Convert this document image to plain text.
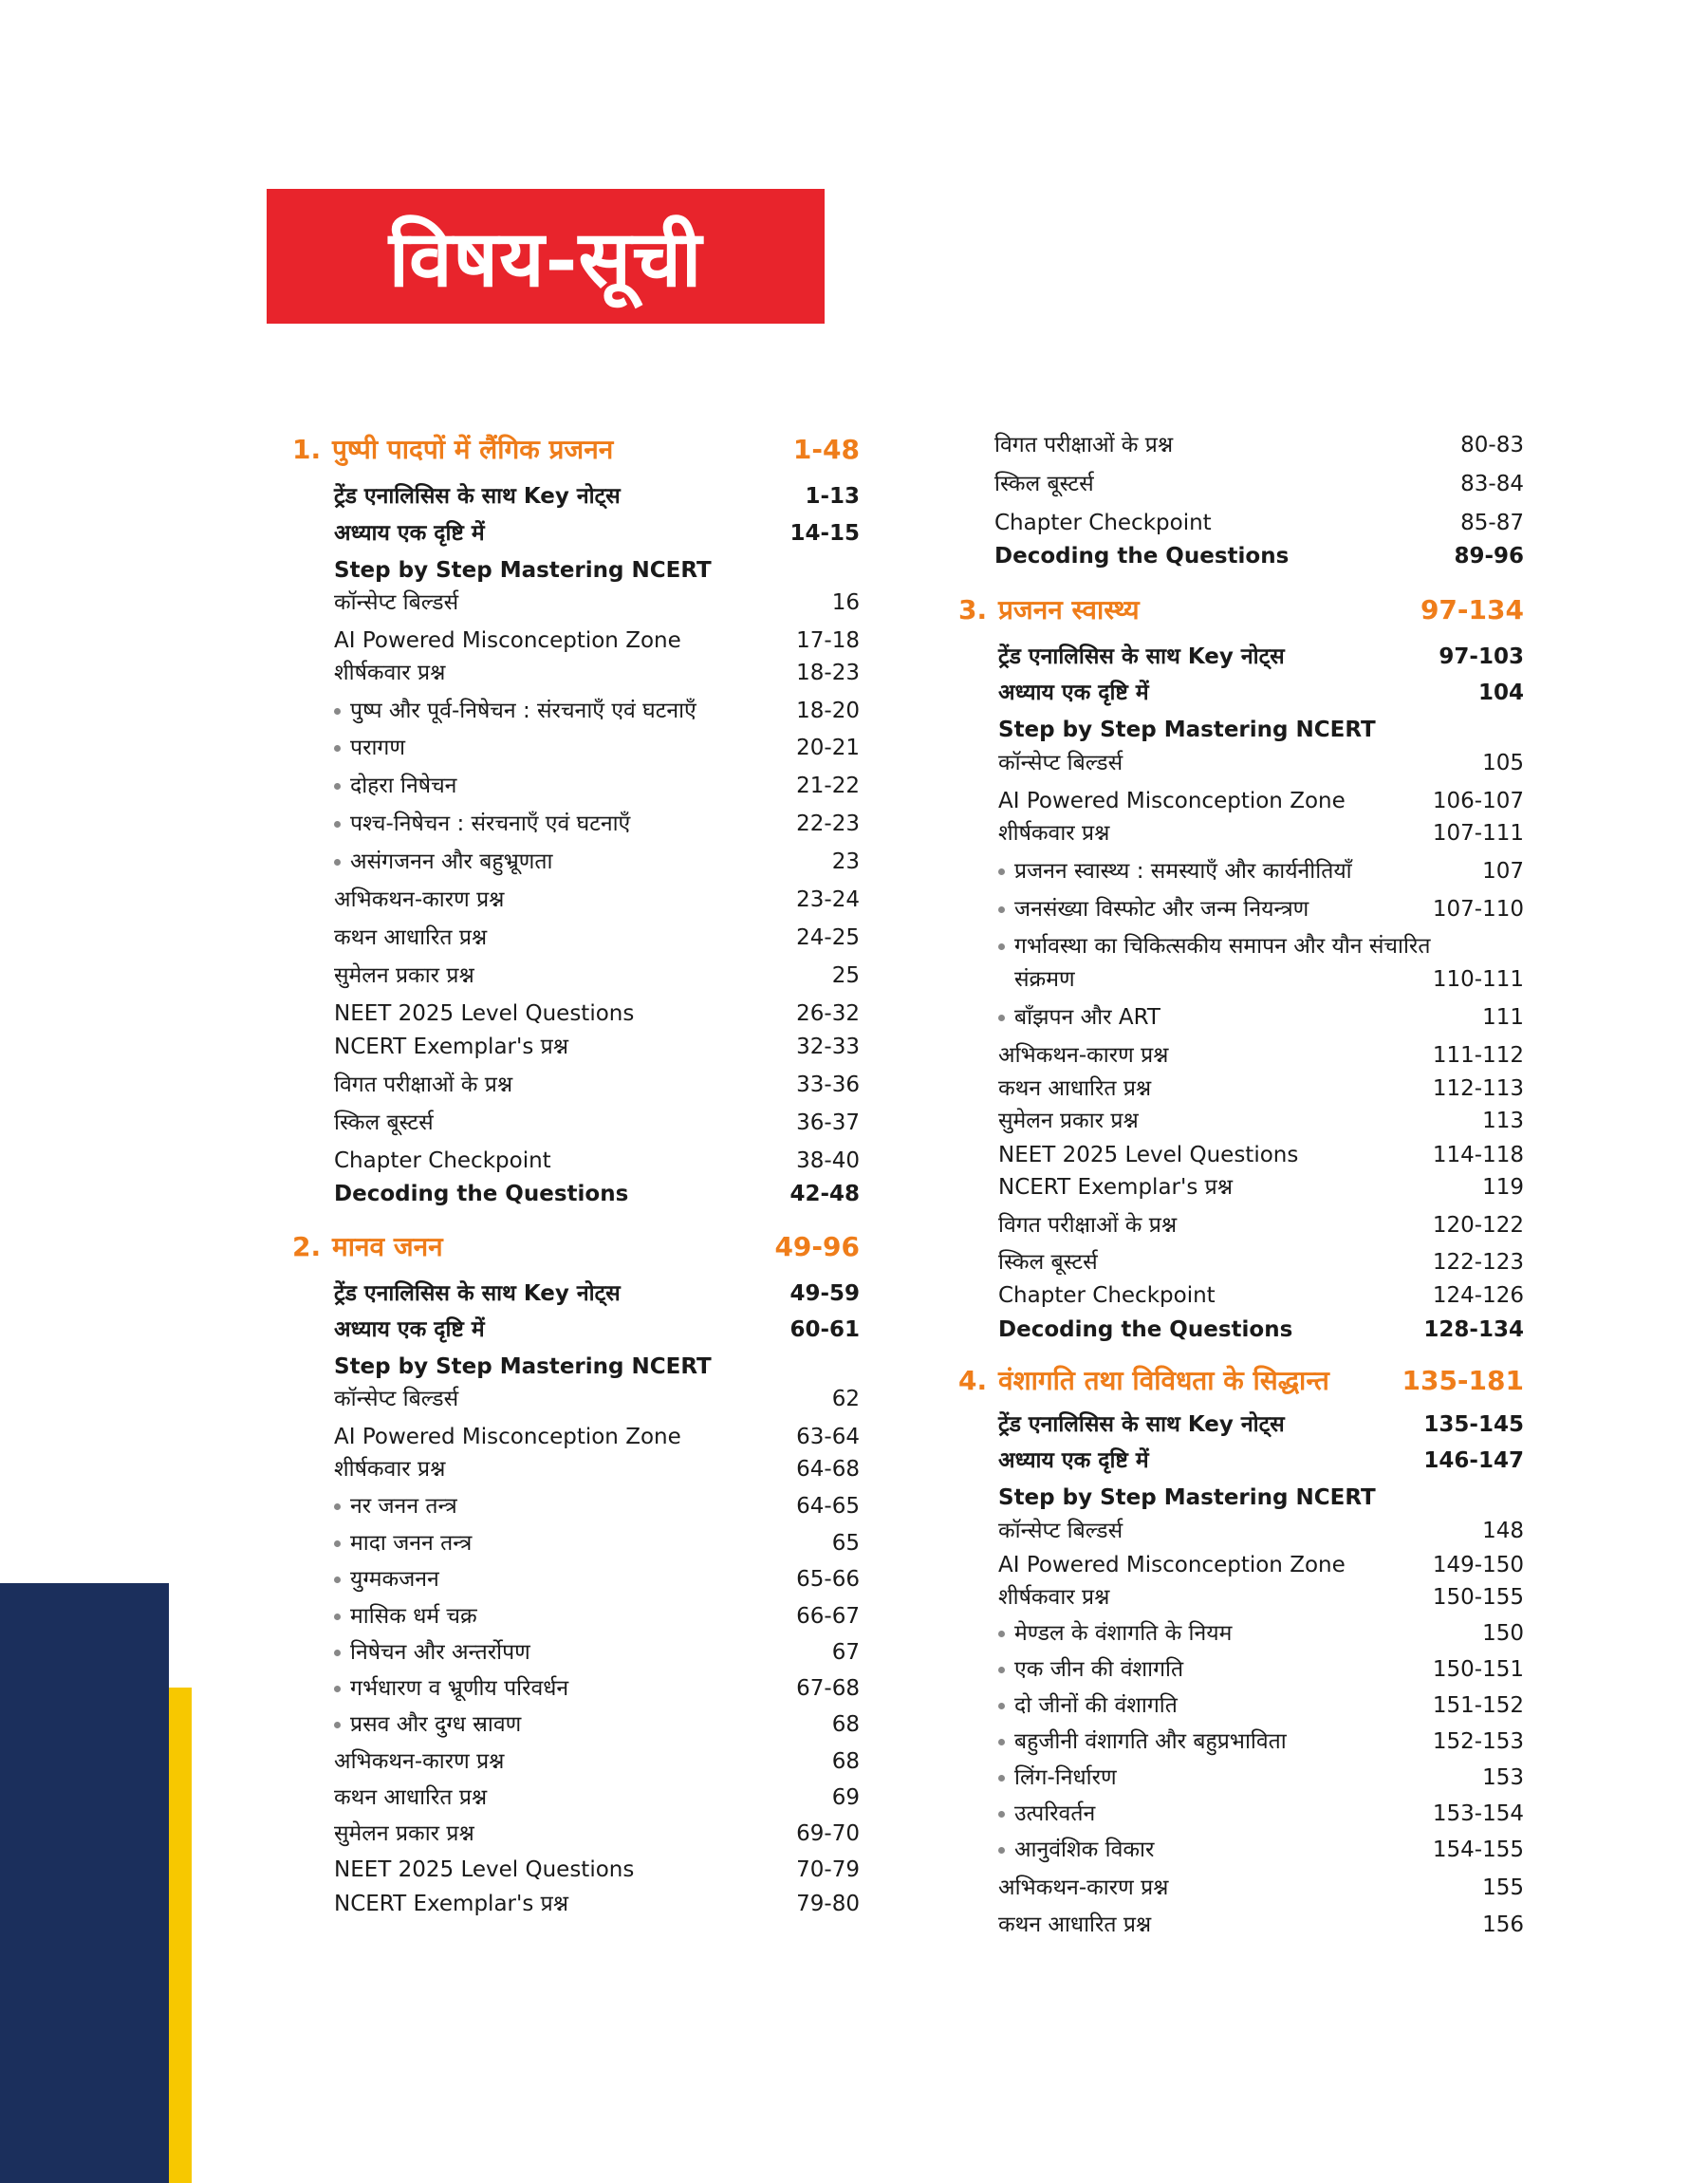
विषय-सूची
1. पुष्पी पादपों में लैंगिक प्रजनन	1-48
ट्रेंड एनालिसिस के साथ Key नोट्स	1-13
अध्याय एक दृष्टि में	14-15
Step by Step Mastering NCERT
कॉन्सेप्ट बिल्डर्स	16
AI Powered Misconception Zone	17-18
शीर्षकवार प्रश्न	18-23
पुष्प और पूर्व-निषेचन : संरचनाएँ एवं घटनाएँ	18-20
परागण	20-21
दोहरा निषेचन	21-22
पश्च-निषेचन : संरचनाएँ एवं घटनाएँ	22-23
असंगजनन और बहुभ्रूणता	23
अभिकथन-कारण प्रश्न	23-24
कथन आधारित प्रश्न	24-25
सुमेलन प्रकार प्रश्न	25
NEET 2025 Level Questions	26-32
NCERT Exemplar's प्रश्न	32-33
विगत परीक्षाओं के प्रश्न	33-36
स्किल बूस्टर्स	36-37
Chapter Checkpoint	38-40
Decoding the Questions	42-48
2. मानव जनन	49-96
ट्रेंड एनालिसिस के साथ Key नोट्स	49-59
अध्याय एक दृष्टि में	60-61
Step by Step Mastering NCERT
कॉन्सेप्ट बिल्डर्स	62
AI Powered Misconception Zone	63-64
शीर्षकवार प्रश्न	64-68
नर जनन तन्त्र	64-65
मादा जनन तन्त्र	65
युग्मकजनन	65-66
मासिक धर्म चक्र	66-67
निषेचन और अन्तर्रोपण	67
गर्भधारण व भ्रूणीय परिवर्धन	67-68
प्रसव और दुग्ध स्रावण	68
अभिकथन-कारण प्रश्न	68
कथन आधारित प्रश्न	69
सुमेलन प्रकार प्रश्न	69-70
NEET 2025 Level Questions	70-79
NCERT Exemplar's प्रश्न	79-80
विगत परीक्षाओं के प्रश्न	80-83
स्किल बूस्टर्स	83-84
Chapter Checkpoint	85-87
Decoding the Questions	89-96
3. प्रजनन स्वास्थ्य	97-134
ट्रेंड एनालिसिस के साथ Key नोट्स	97-103
अध्याय एक दृष्टि में	104
Step by Step Mastering NCERT
कॉन्सेप्ट बिल्डर्स	105
AI Powered Misconception Zone	106-107
शीर्षकवार प्रश्न	107-111
प्रजनन स्वास्थ्य : समस्याएँ और कार्यनीतियाँ	107
जनसंख्या विस्फोट और जन्म नियन्त्रण	107-110
गर्भावस्था का चिकित्सकीय समापन और यौन संचारित
संक्रमण	110-111
बाँझपन और ART	111
अभिकथन-कारण प्रश्न	111-112
कथन आधारित प्रश्न	112-113
सुमेलन प्रकार प्रश्न	113
NEET 2025 Level Questions	114-118
NCERT Exemplar's प्रश्न	119
विगत परीक्षाओं के प्रश्न	120-122
स्किल बूस्टर्स	122-123
Chapter Checkpoint	124-126
Decoding the Questions	128-134
4. वंशागति तथा विविधता के सिद्धान्त	135-181
ट्रेंड एनालिसिस के साथ Key नोट्स	135-145
अध्याय एक दृष्टि में	146-147
Step by Step Mastering NCERT
कॉन्सेप्ट बिल्डर्स	148
AI Powered Misconception Zone	149-150
शीर्षकवार प्रश्न	150-155
मेण्डल के वंशागति के नियम	150
एक जीन की वंशागति	150-151
दो जीनों की वंशागति	151-152
बहुजीनी वंशागति और बहुप्रभाविता	152-153
लिंग-निर्धारण	153
उत्परिवर्तन	153-154
आनुवंशिक विकार	154-155
अभिकथन-कारण प्रश्न	155
कथन आधारित प्रश्न	156
